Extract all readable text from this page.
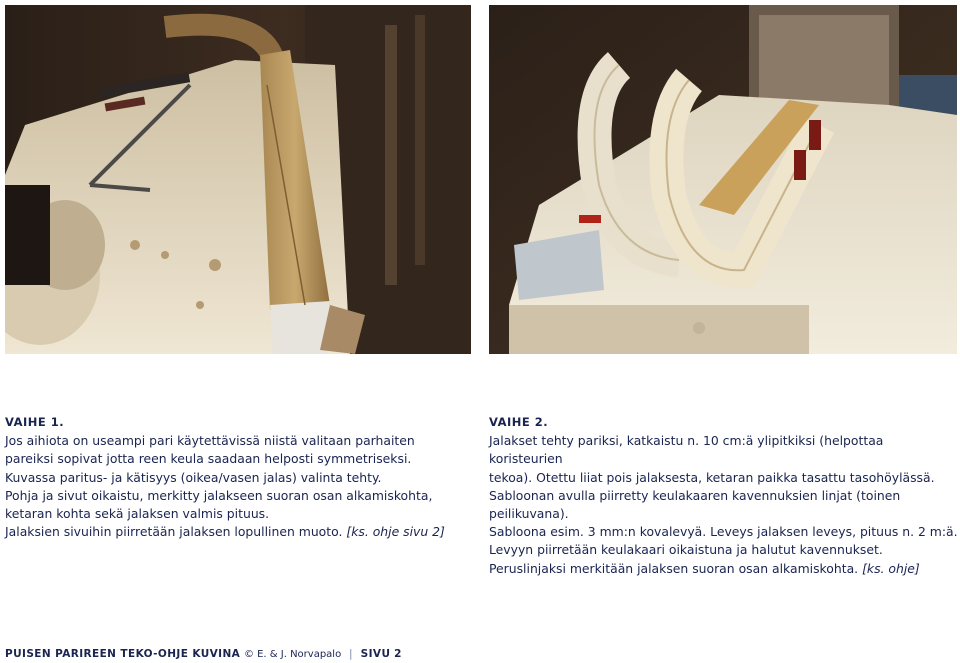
VAIHE 1.

Jos aihiota on useampi pari käytettävissä niistä valitaan parhaiten

pareiksi sopivat jotta reen keula saadaan helposti symmetriseksi.

Kuvassa paritus- ja kätisyys (oikea/vasen jalas) valinta tehty.

Pohja ja sivut oikaistu, merkitty jalakseen suoran osan alkamiskohta,

ketaran kohta sekä jalaksen valmis pituus.

Jalaksien sivuihin piirretään jalaksen lopullinen muoto. [ks. ohje sivu 2]

VAIHE 2.

Jalakset tehty pariksi, katkaistu n. 10 cm:ä ylipitkiksi (helpottaa koristeurien

tekoa). Otettu liiat pois jalaksesta, ketaran paikka tasattu tasohöylässä.

Sabloonan avulla piirretty keulakaaren kavennuksien linjat (toinen peilikuvana).

Sabloona esim. 3 mm:n kovalevyä. Leveys jalaksen leveys, pituus n. 2 m:ä.

Levyyn piirretään keulakaari oikaistuna ja halutut kavennukset.

Peruslinjaksi merkitään jalaksen suoran osan alkamiskohta. [ks. ohje]

PUISEN PARIREEN TEKO-OHJE KUVINA © E. & J. Norvapalo | SIVU 2
